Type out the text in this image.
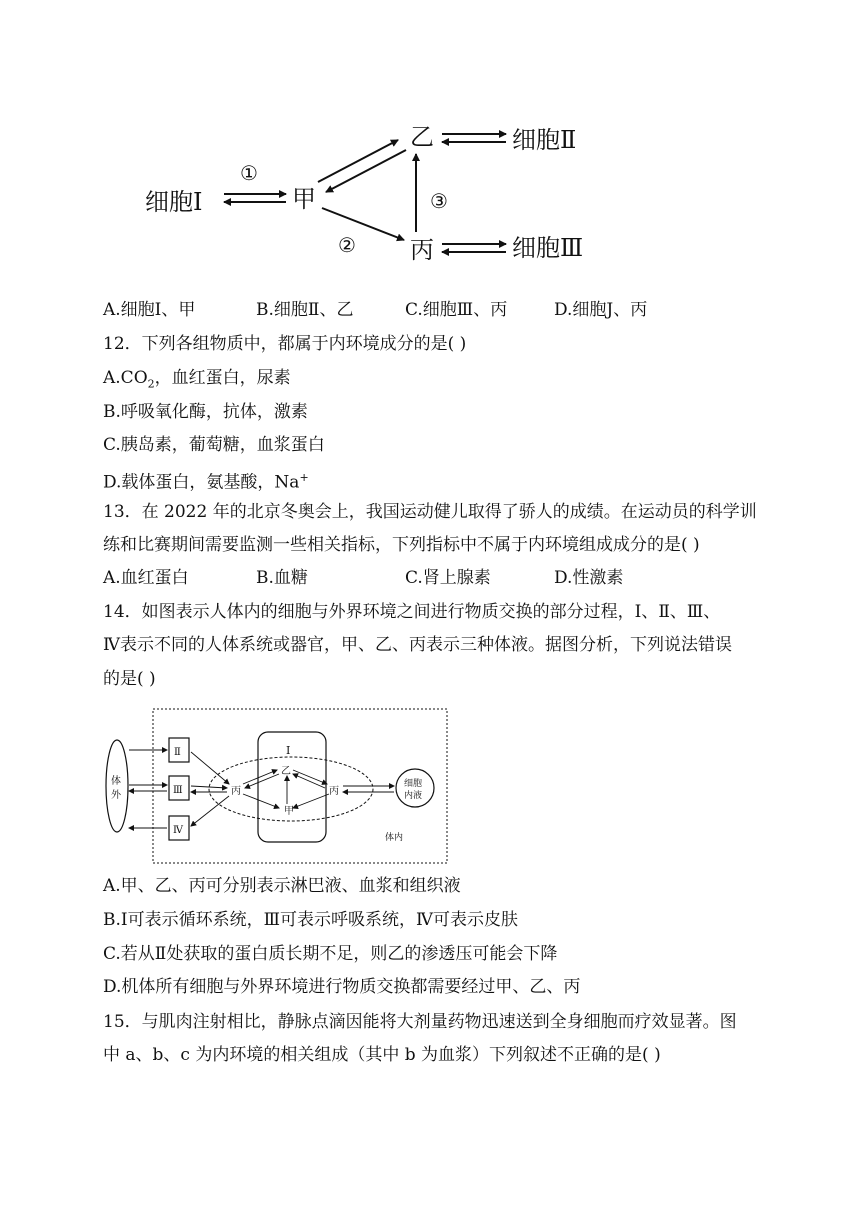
细胞Ⅰ	甲
乙
丙
细胞Ⅱ
细胞Ⅲ
①
②
③
A.细胞Ⅰ、甲	B.细胞Ⅱ、乙	C.细胞Ⅲ、丙	D.细胞J、丙
12．下列各组物质中，都属于内环境成分的是( )
$A.CO_2$，血红蛋白，尿素
B.呼吸氧化酶，抗体，激素
C.胰岛素，葡萄糖，血浆蛋白
D.载体蛋白，氨基酸，Na+
13．在 2022 年的北京冬奥会上，我国运动健儿取得了骄人的成绩。在运动员的科学训
练和比赛期间需要监测一些相关指标，下列指标中不属于内环境组成成分的是( )
A.血红蛋白	B.血糖	C.肾上腺素	D.性激素
14．如图表示人体内的细胞与外界环境之间进行物质交换的部分过程，Ⅰ、Ⅱ、Ⅲ、
Ⅳ表示不同的人体系统或器官，甲、乙、丙表示三种体液。据图分析，下列说法错误
的是( )
体
外
Ⅱ
Ⅲ
Ⅳ
Ⅰ
乙
甲
丙	丙
细胞
内液
体内
A.甲、乙、丙可分别表示淋巴液、血浆和组织液
B.Ⅰ可表示循环系统，Ⅲ可表示呼吸系统，Ⅳ可表示皮肤
C.若从Ⅱ处获取的蛋白质长期不足，则乙的渗透压可能会下降
D.机体所有细胞与外界环境进行物质交换都需要经过甲、乙、丙
15．与肌肉注射相比，静脉点滴因能将大剂量药物迅速送到全身细胞而疗效显著。图
中 a、b、c 为内环境的相关组成（其中 b 为血浆）下列叙述不正确的是( )
